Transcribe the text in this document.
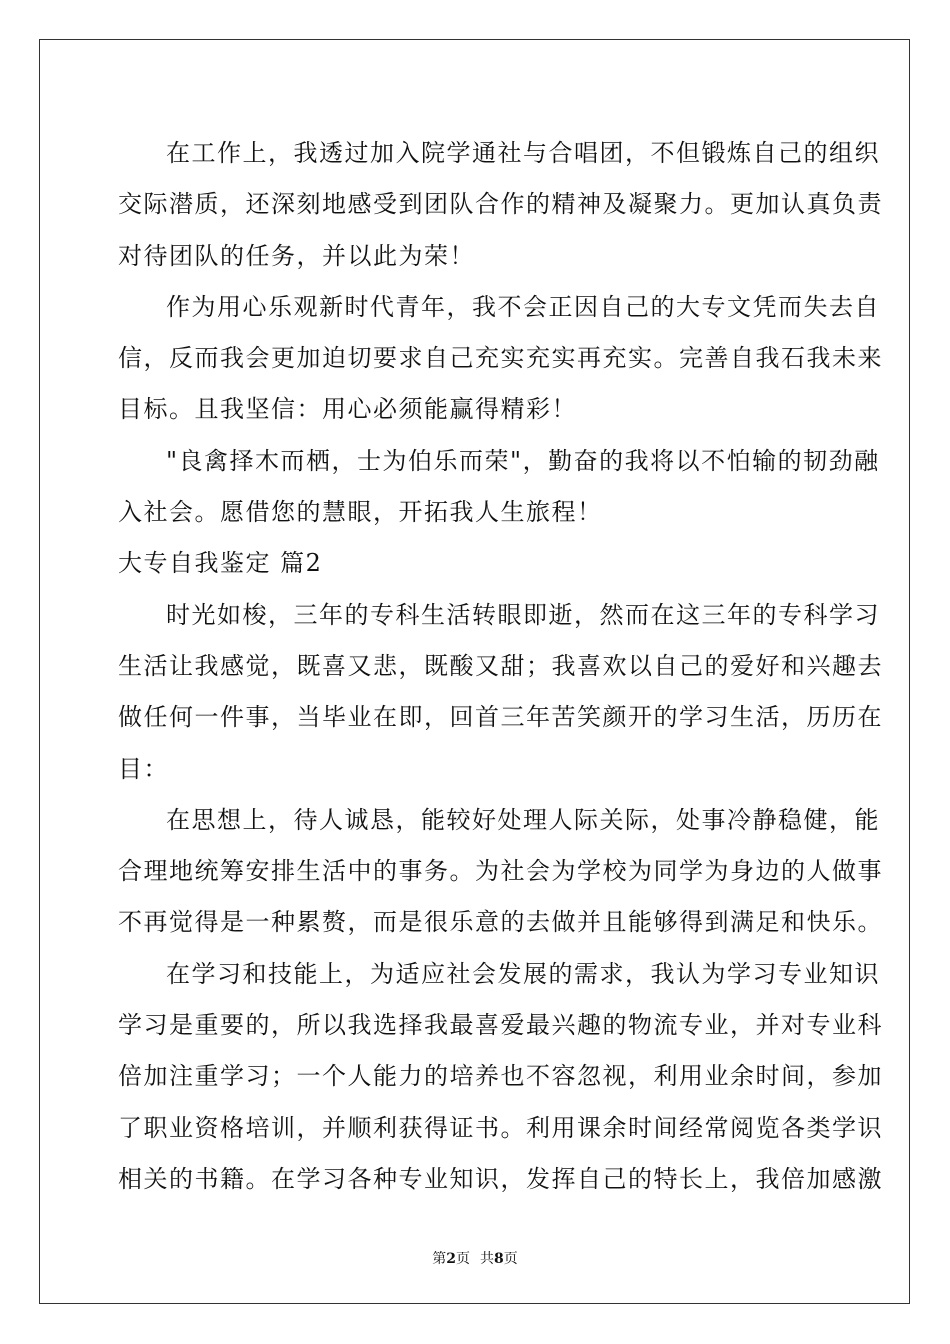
在工作上，我透过加入院学通社与合唱团，不但锻炼自己的组织
交际潜质，还深刻地感受到团队合作的精神及凝聚力。更加认真负责
对待团队的任务，并以此为荣！
作为用心乐观新时代青年，我不会正因自己的大专文凭而失去自
信，反而我会更加迫切要求自己充实充实再充实。完善自我石我未来
目标。且我坚信：用心必须能赢得精彩！
"良禽择木而栖，士为伯乐而荣"，勤奋的我将以不怕输的韧劲融
入社会。愿借您的慧眼，开拓我人生旅程！
大专自我鉴定 篇2
时光如梭，三年的专科生活转眼即逝，然而在这三年的专科学习
生活让我感觉，既喜又悲，既酸又甜；我喜欢以自己的爱好和兴趣去
做任何一件事，当毕业在即，回首三年苦笑颜开的学习生活，历历在
目：
在思想上，待人诚恳，能较好处理人际关际，处事冷静稳健，能
合理地统筹安排生活中的事务。为社会为学校为同学为身边的人做事
不再觉得是一种累赘，而是很乐意的去做并且能够得到满足和快乐。
在学习和技能上，为适应社会发展的需求，我认为学习专业知识
学习是重要的，所以我选择我最喜爱最兴趣的物流专业，并对专业科
倍加注重学习；一个人能力的培养也不容忽视，利用业余时间，参加
了职业资格培训，并顺利获得证书。利用课余时间经常阅览各类学识
相关的书籍。在学习各种专业知识，发挥自己的特长上，我倍加感激
第2页 共8页
